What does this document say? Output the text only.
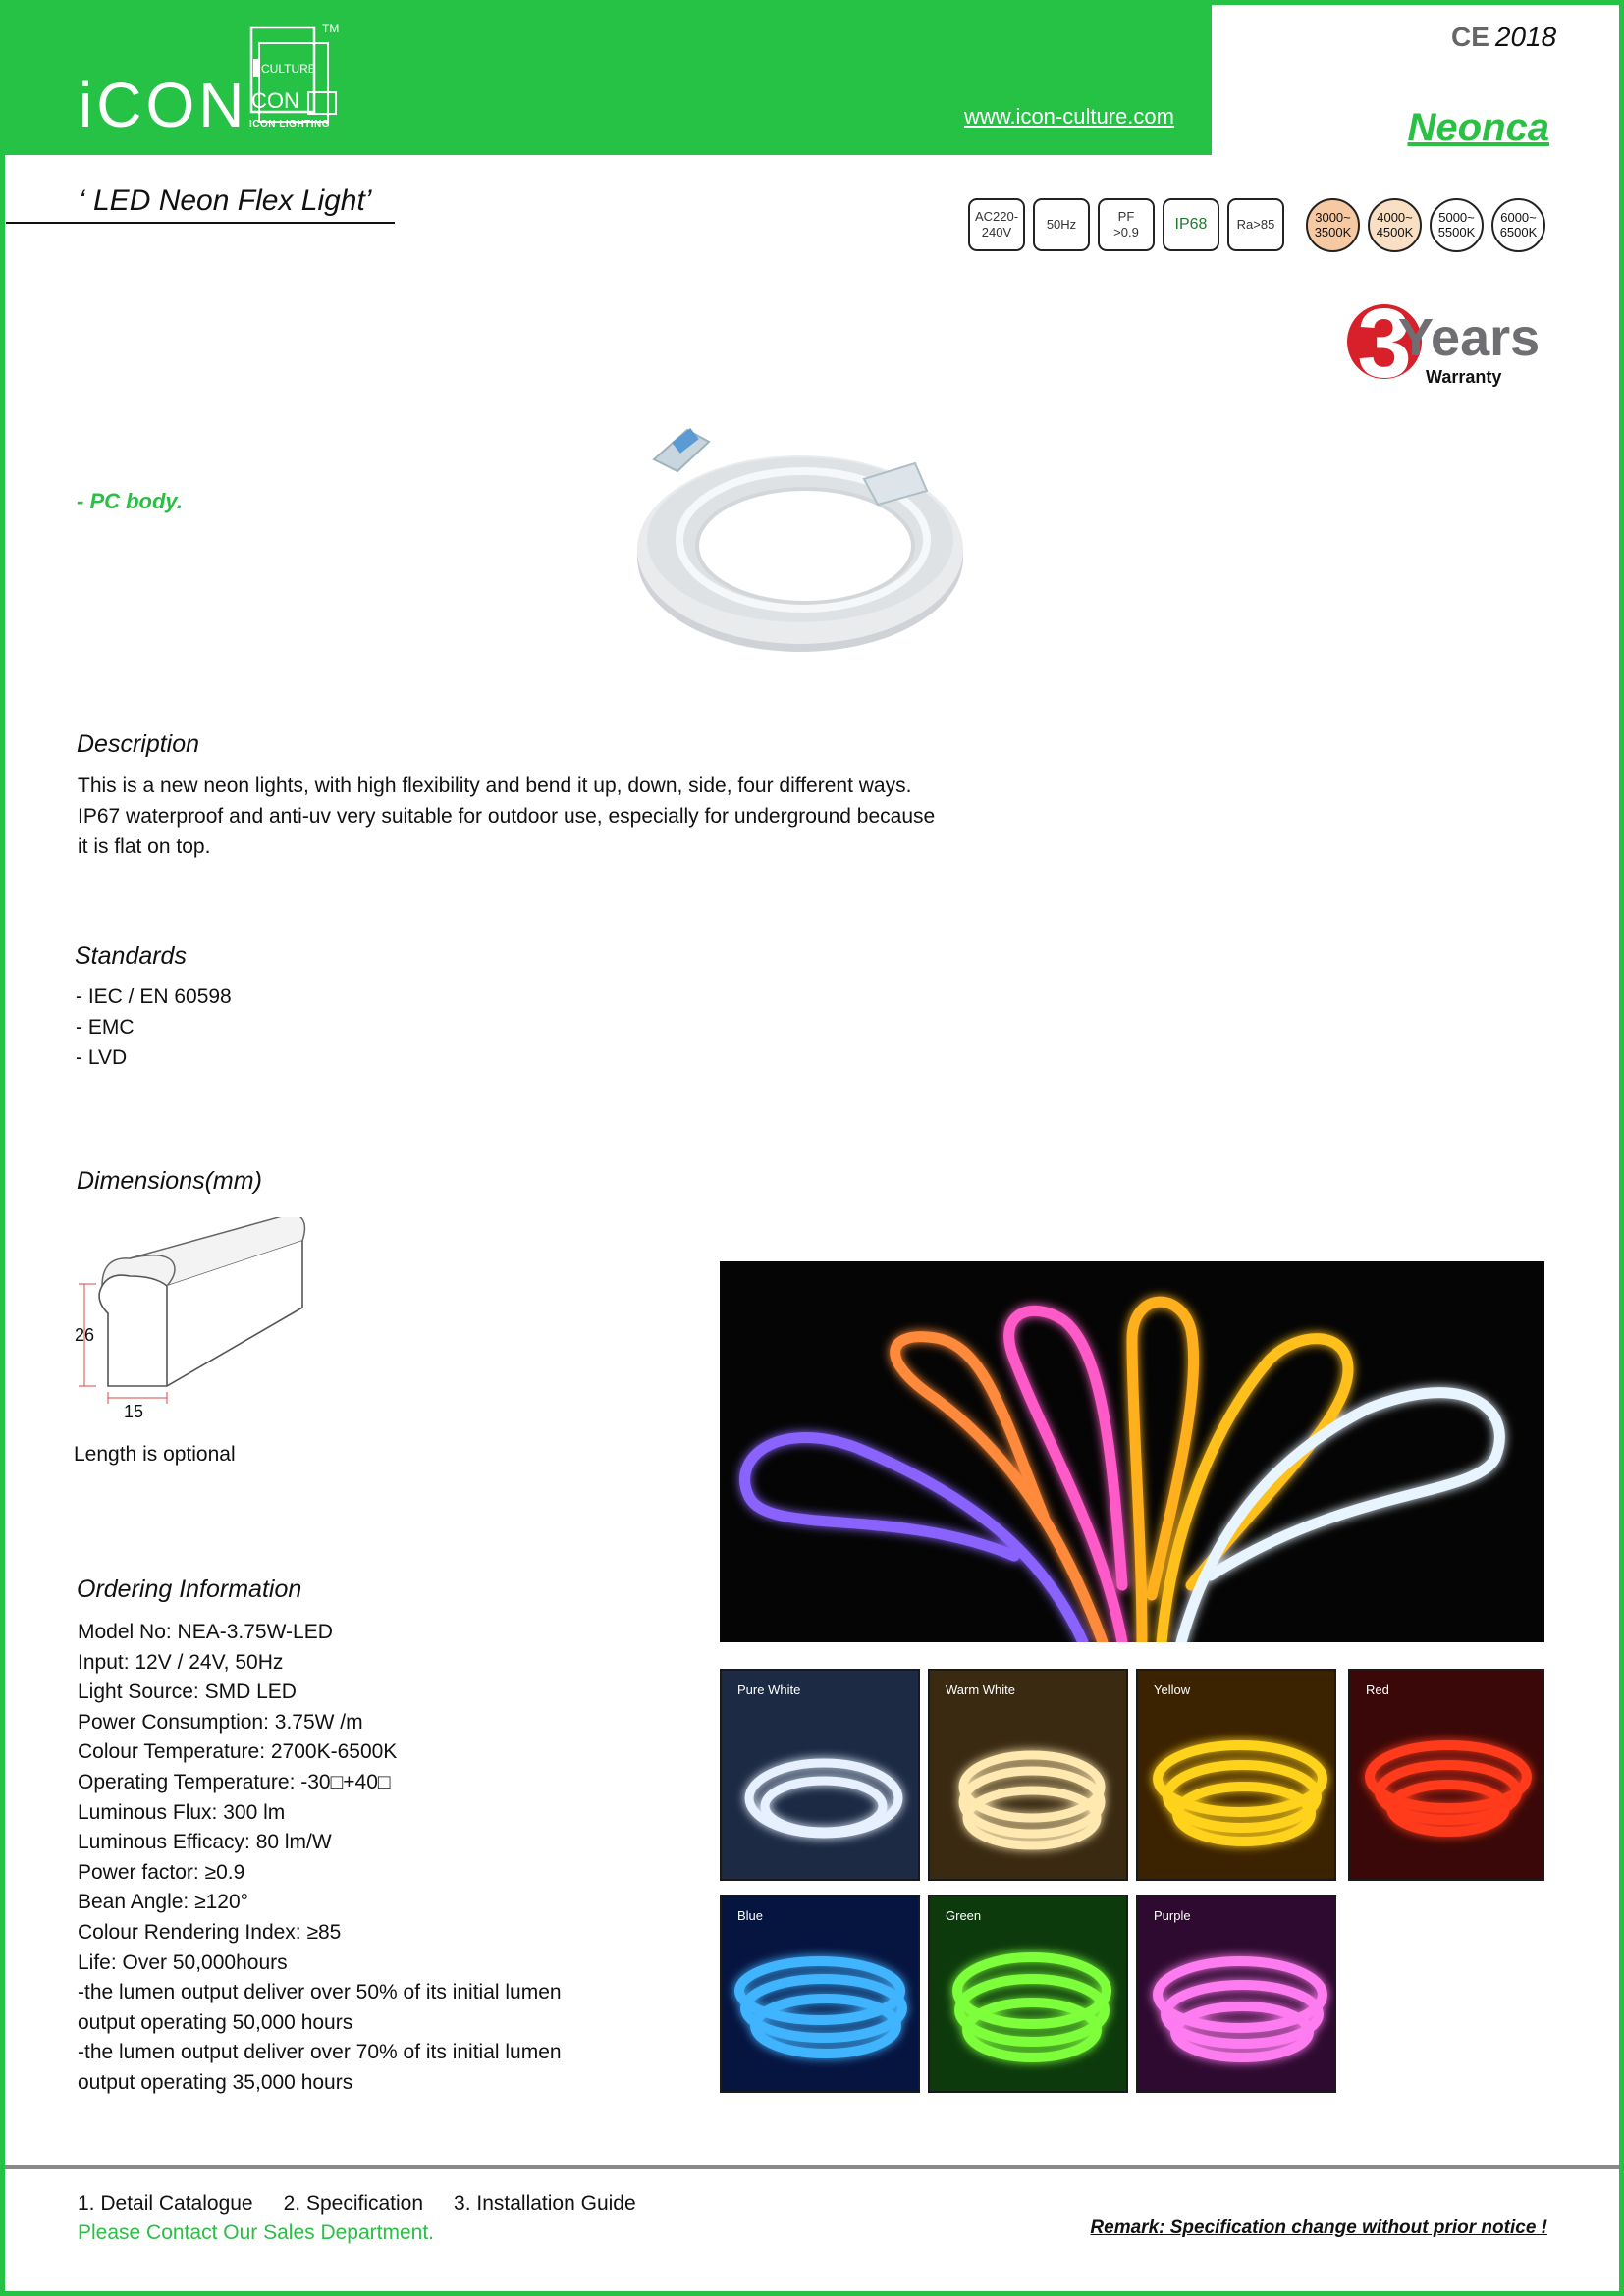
iCON
CULTURE
CON
TM
ICON LIGHTING	www.icon-culture.com
CE 2018
Neonca
‘ LED Neon Flex Light’	AC220-
240V
50Hz
PF
>0.9	IP68	Ra>85	3000~
3500K
4000~
4500K
5000~
5500K
6000~
6500K
3
Years
Warranty
- PC body.
Description
This is a new neon lights, with high flexibility and bend it up, down, side, four different ways.
IP67 waterproof and anti-uv very suitable for outdoor use, especially for underground because
it is flat on top.
Standards
- IEC / EN 60598
- EMC
- LVD
Dimensions(mm)
26
15
Length is optional
Ordering Information
Model No: NEA-3.75W-LED
Input: 12V / 24V, 50Hz
Light Source: SMD LED
Power Consumption: 3.75W /m
Colour Temperature: 2700K-6500K
Operating Temperature: -30□+40□
Luminous Flux: 300 lm
Luminous Efficacy: 80 lm/W
Power factor: ≥0.9
Bean Angle: ≥120°
Colour Rendering Index: ≥85
Life: Over 50,000hours
-the lumen output deliver over 50% of its initial lumen
output operating 50,000 hours
-the lumen output deliver over 70% of its initial lumen
output operating 35,000 hours
Pure White	Warm White	Yellow	Red
Blue	Green	Purple
1. Detail Catalogue 2. Specification 3. Installation Guide
Please Contact Our Sales Department.	Remark: Specification change without prior notice !
